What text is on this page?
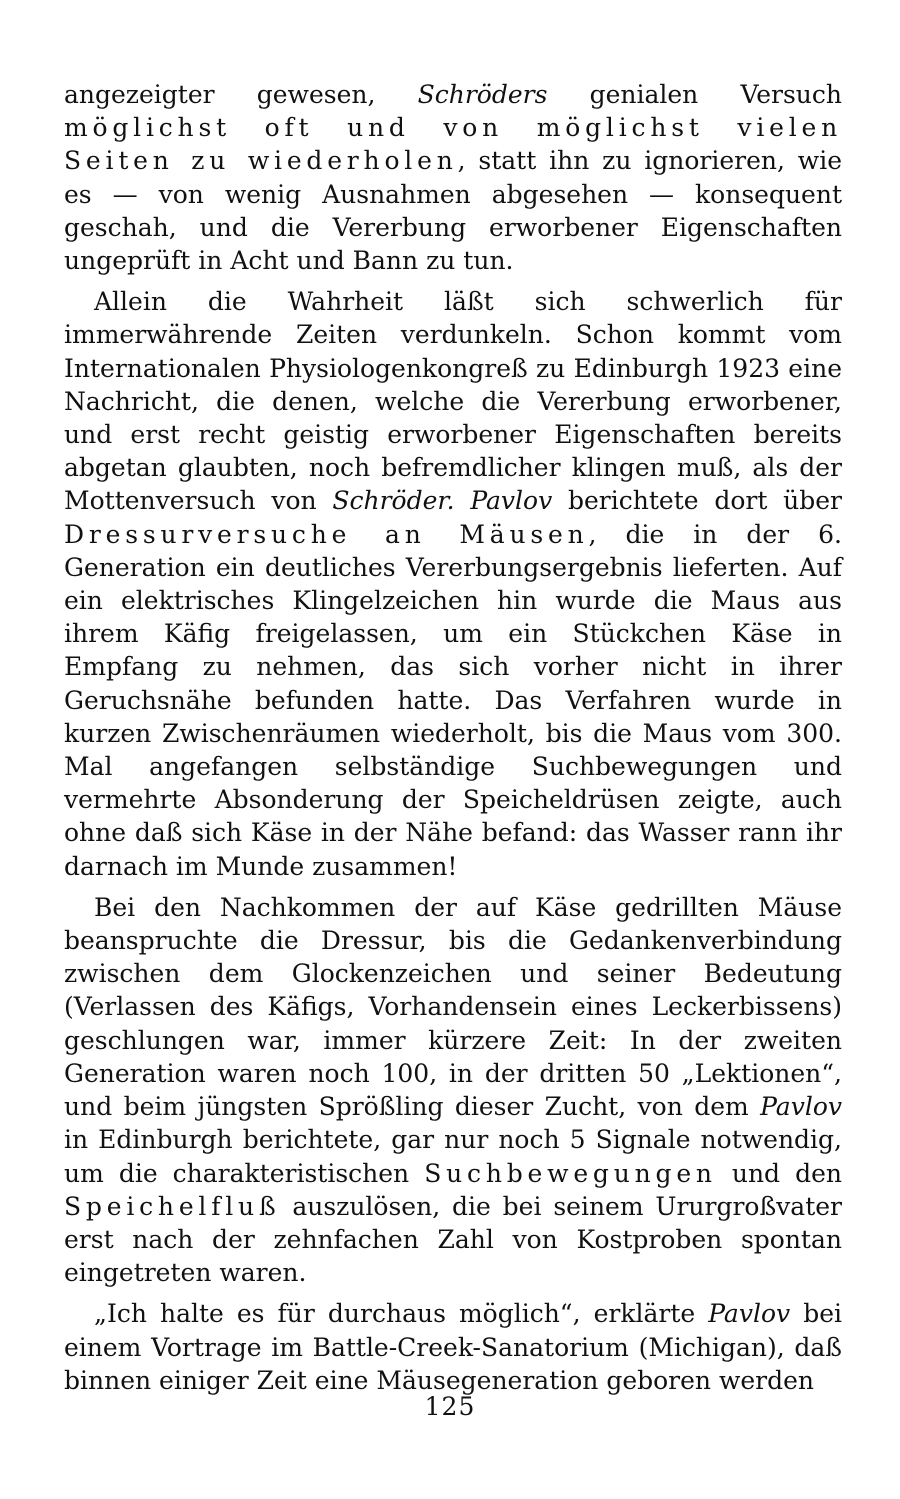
angezeigter gewesen, Schröders genialen Versuch möglichst oft und von möglichst vielen Seiten zu wiederholen, statt ihn zu ignorieren, wie es — von wenig Ausnahmen abgesehen — konsequent geschah, und die Vererbung erworbener Eigenschaften ungeprüft in Acht und Bann zu tun.

Allein die Wahrheit läßt sich schwerlich für immerwährende Zeiten verdunkeln. Schon kommt vom Internationalen Physiologenkongreß zu Edinburgh 1923 eine Nachricht, die denen, welche die Vererbung erworbener, und erst recht geistig erworbener Eigenschaften bereits abgetan glaubten, noch befremdlicher klingen muß, als der Mottenversuch von Schröder. Pavlov berichtete dort über Dressurversuche an Mäusen, die in der 6. Generation ein deutliches Vererbungsergebnis lieferten. Auf ein elektrisches Klingelzeichen hin wurde die Maus aus ihrem Käfig freigelassen, um ein Stückchen Käse in Empfang zu nehmen, das sich vorher nicht in ihrer Geruchsnähe befunden hatte. Das Verfahren wurde in kurzen Zwischenräumen wiederholt, bis die Maus vom 300. Mal angefangen selbständige Suchbewegungen und vermehrte Absonderung der Speicheldrüsen zeigte, auch ohne daß sich Käse in der Nähe befand: das Wasser rann ihr darnach im Munde zusammen!

Bei den Nachkommen der auf Käse gedrillten Mäuse beanspruchte die Dressur, bis die Gedankenverbindung zwischen dem Glockenzeichen und seiner Bedeutung (Verlassen des Käfigs, Vorhandensein eines Leckerbissens) geschlungen war, immer kürzere Zeit: In der zweiten Generation waren noch 100, in der dritten 50 „Lektionen“, und beim jüngsten Sprößling dieser Zucht, von dem Pavlov in Edinburgh berichtete, gar nur noch 5 Signale notwendig, um die charakteristischen Suchbewegungen und den Speichelfluß auszulösen, die bei seinem Ururgroßvater erst nach der zehnfachen Zahl von Kostproben spontan eingetreten waren.

„Ich halte es für durchaus möglich“, erklärte Pavlov bei einem Vortrage im Battle-Creek-Sanatorium (Michigan), daß binnen einiger Zeit eine Mäusegeneration geboren werden

125
